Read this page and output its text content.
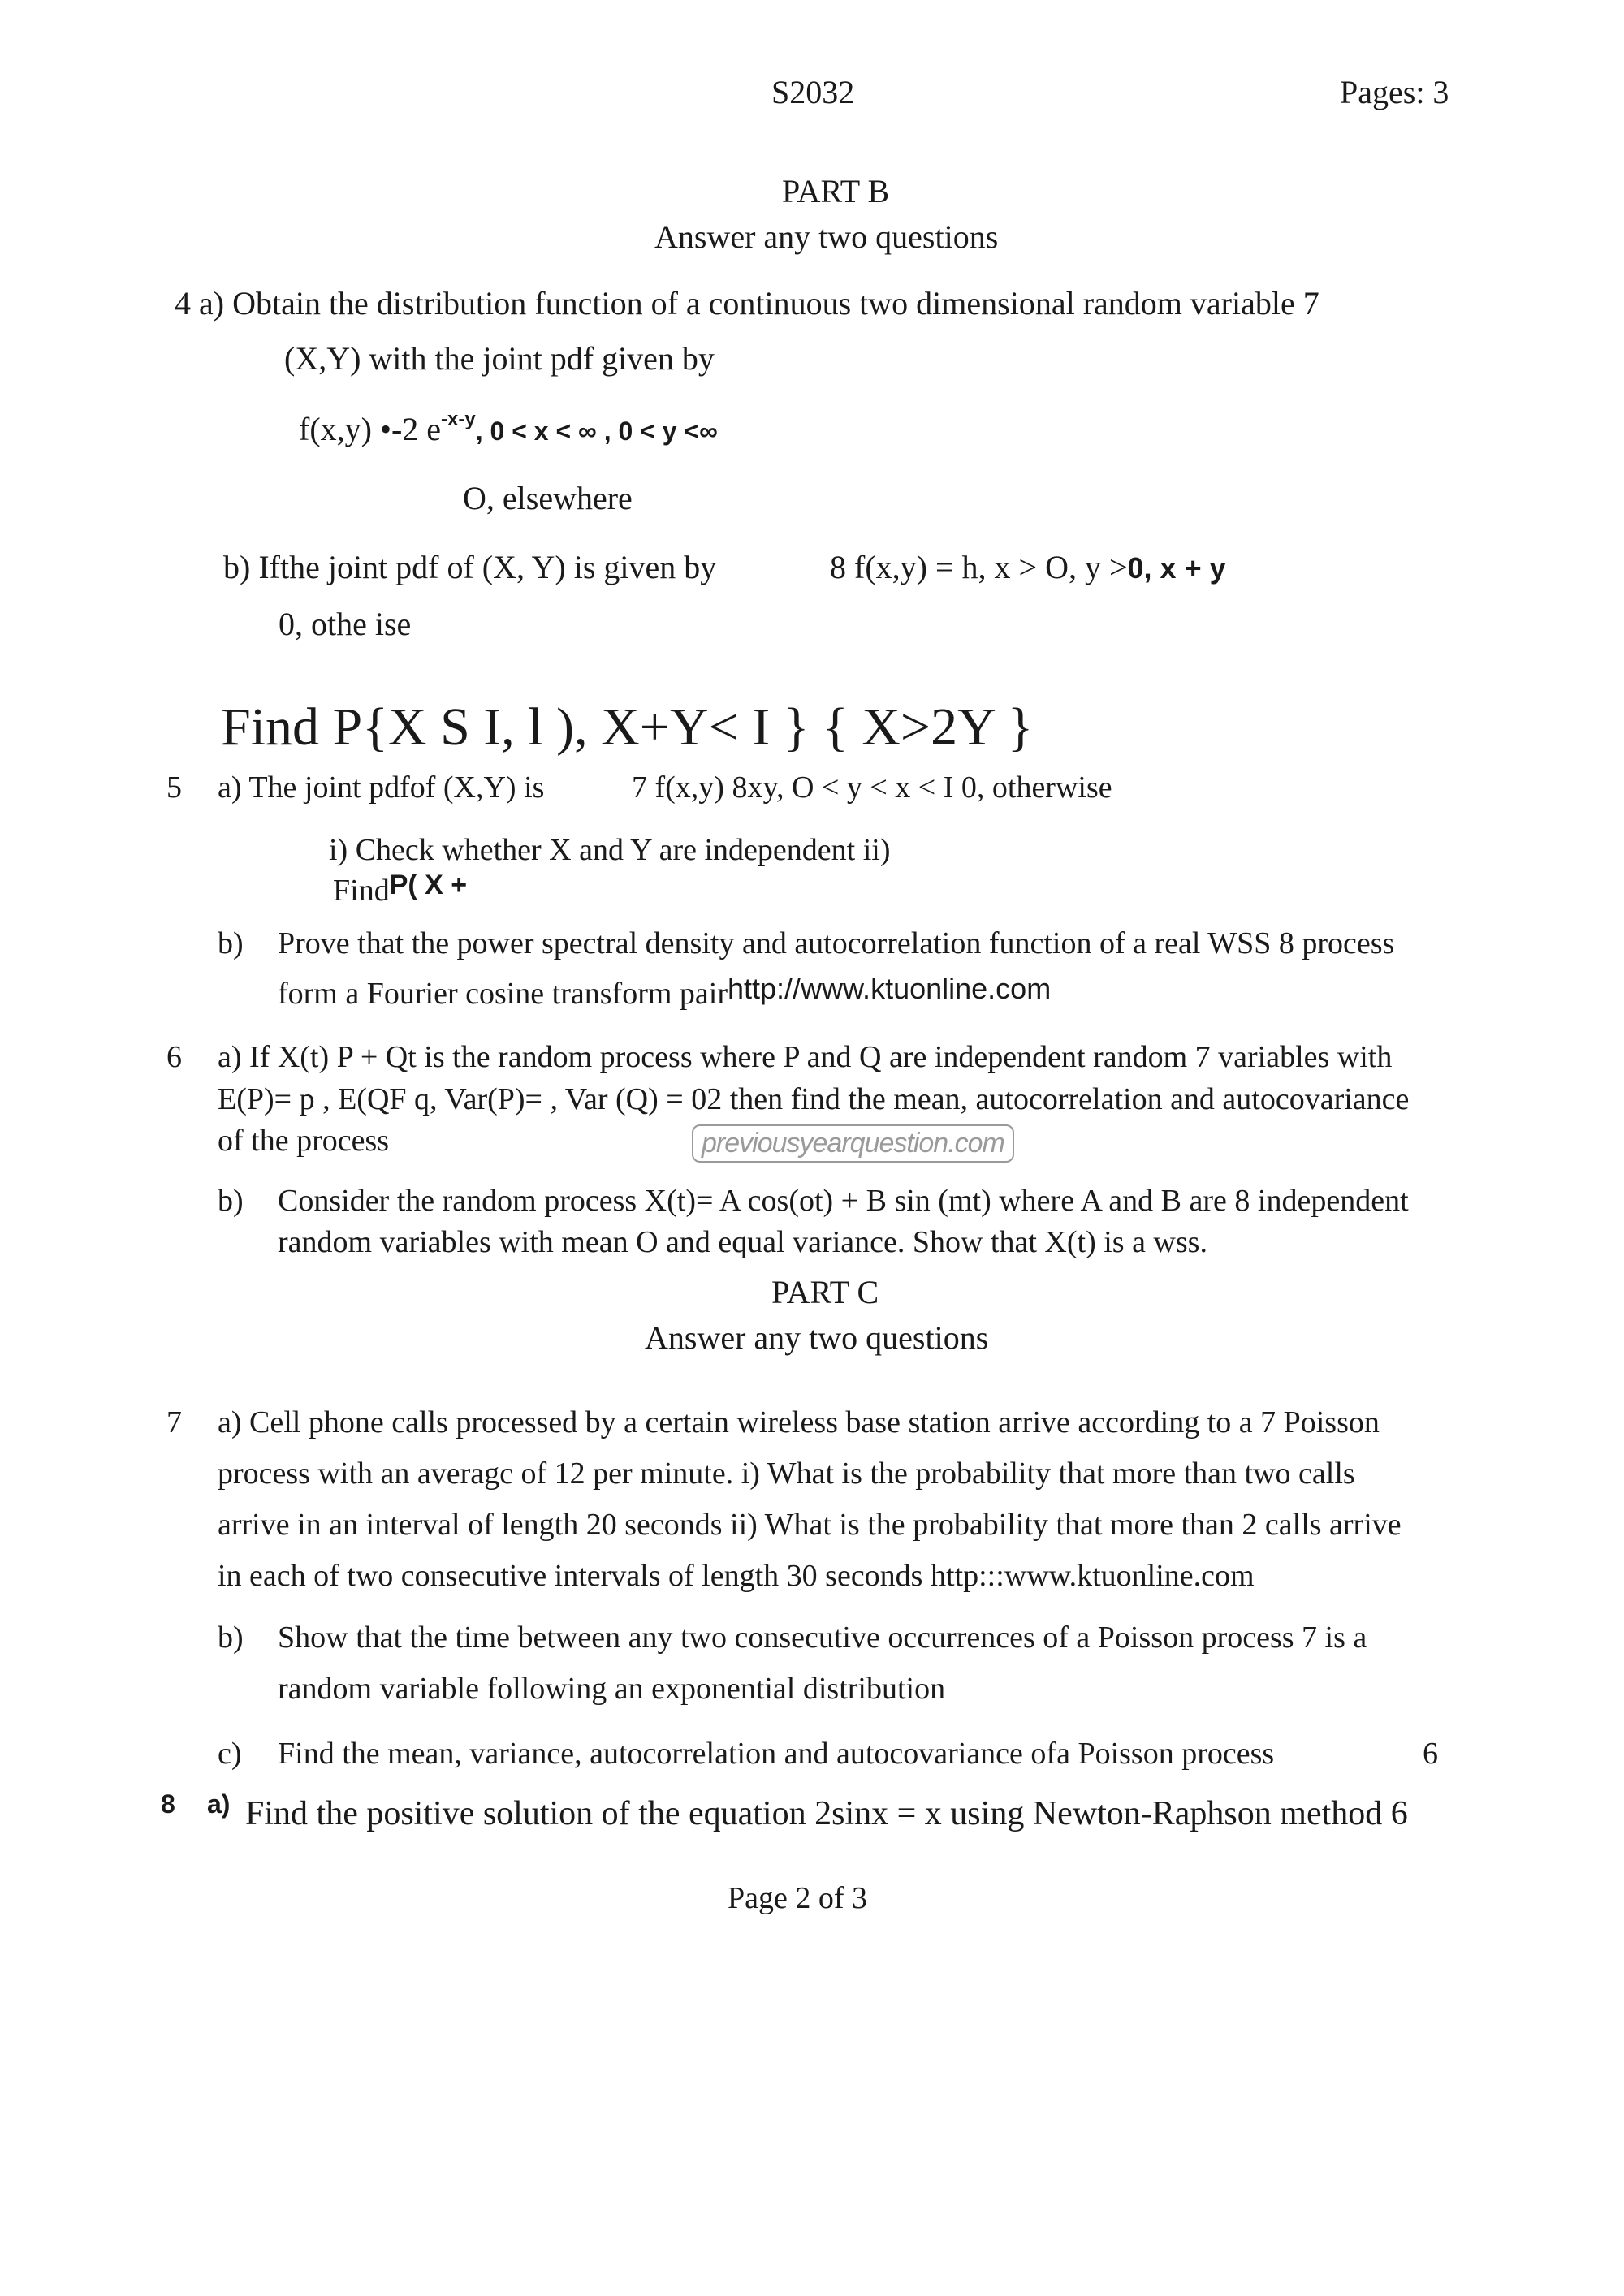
S2032	Pages: 3
PART B
Answer any two questions
4 a) Obtain the distribution function of a continuous two dimensional random variable 7
(X,Y) with the joint pdf given by
f(x,y) •-2 $e^{-x-y}$, 0 < x < ∞ , 0 < y <∞
O, elsewhere
b) Ifthe joint pdf of (X, Y) is given by	8 f(x,y) = h, x > O, y >0, x + y
0, othe ise
Find P{X S I, l ), X+Y< I } { X>2Y }
5 a) The joint pdfof (X,Y) is	7 f(x,y) 8xy, O < y < x < I 0, otherwise
i) Check whether X and Y are independent ii)
FindP( X +
b) Prove that the power spectral density and autocorrelation function of a real WSS 8 process
form a Fourier cosine transform pairhttp://www.ktuonline.com
6 a) If X(t) P + Qt is the random process where P and Q are independent random 7 variables with
E(P)= p , E(QF q, Var(P)= , Var (Q) = 02 then find the mean, autocorrelation and autocovariance
of the process	previousyearquestion.com
b) Consider the random process X(t)= A cos(ot) + B sin (mt) where A and B are 8 independent
random variables with mean O and equal variance. Show that X(t) is a wss.
PART C
Answer any two questions
7 a) Cell phone calls processed by a certain wireless base station arrive according to a 7 Poisson
process with an averagc of 12 per minute. i) What is the probability that more than two calls
arrive in an interval of length 20 seconds ii) What is the probability that more than 2 calls arrive
in each of two consecutive intervals of length 30 seconds http:::www.ktuonline.com
b) Show that the time between any two consecutive occurrences of a Poisson process 7 is a
random variable following an exponential distribution
c) Find the mean, variance, autocorrelation and autocovariance ofa Poisson process	6
8 a) Find the positive solution of the equation 2sinx = x using Newton-Raphson method 6
Page 2 of 3
